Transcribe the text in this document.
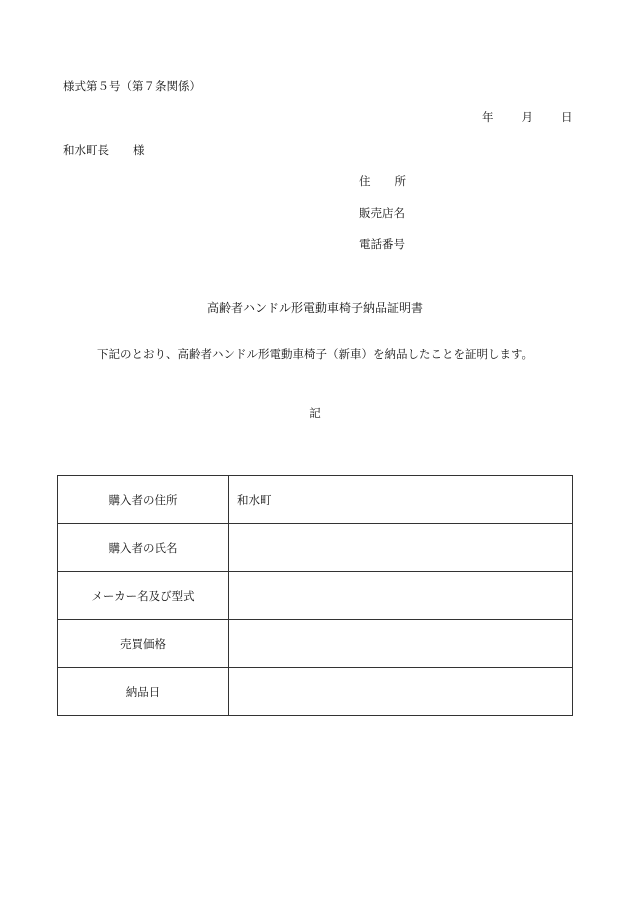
様式第５号（第７条関係）
年 月 日
和水町長 様
住 所
販売店名
電話番号
高齢者ハンドル形電動車椅子納品証明書
下記のとおり、高齢者ハンドル形電動車椅子（新車）を納品したことを証明します。
記
購入者の住所	和水町
購入者の氏名	
メーカー名及び型式	
売買価格	
納品日	
